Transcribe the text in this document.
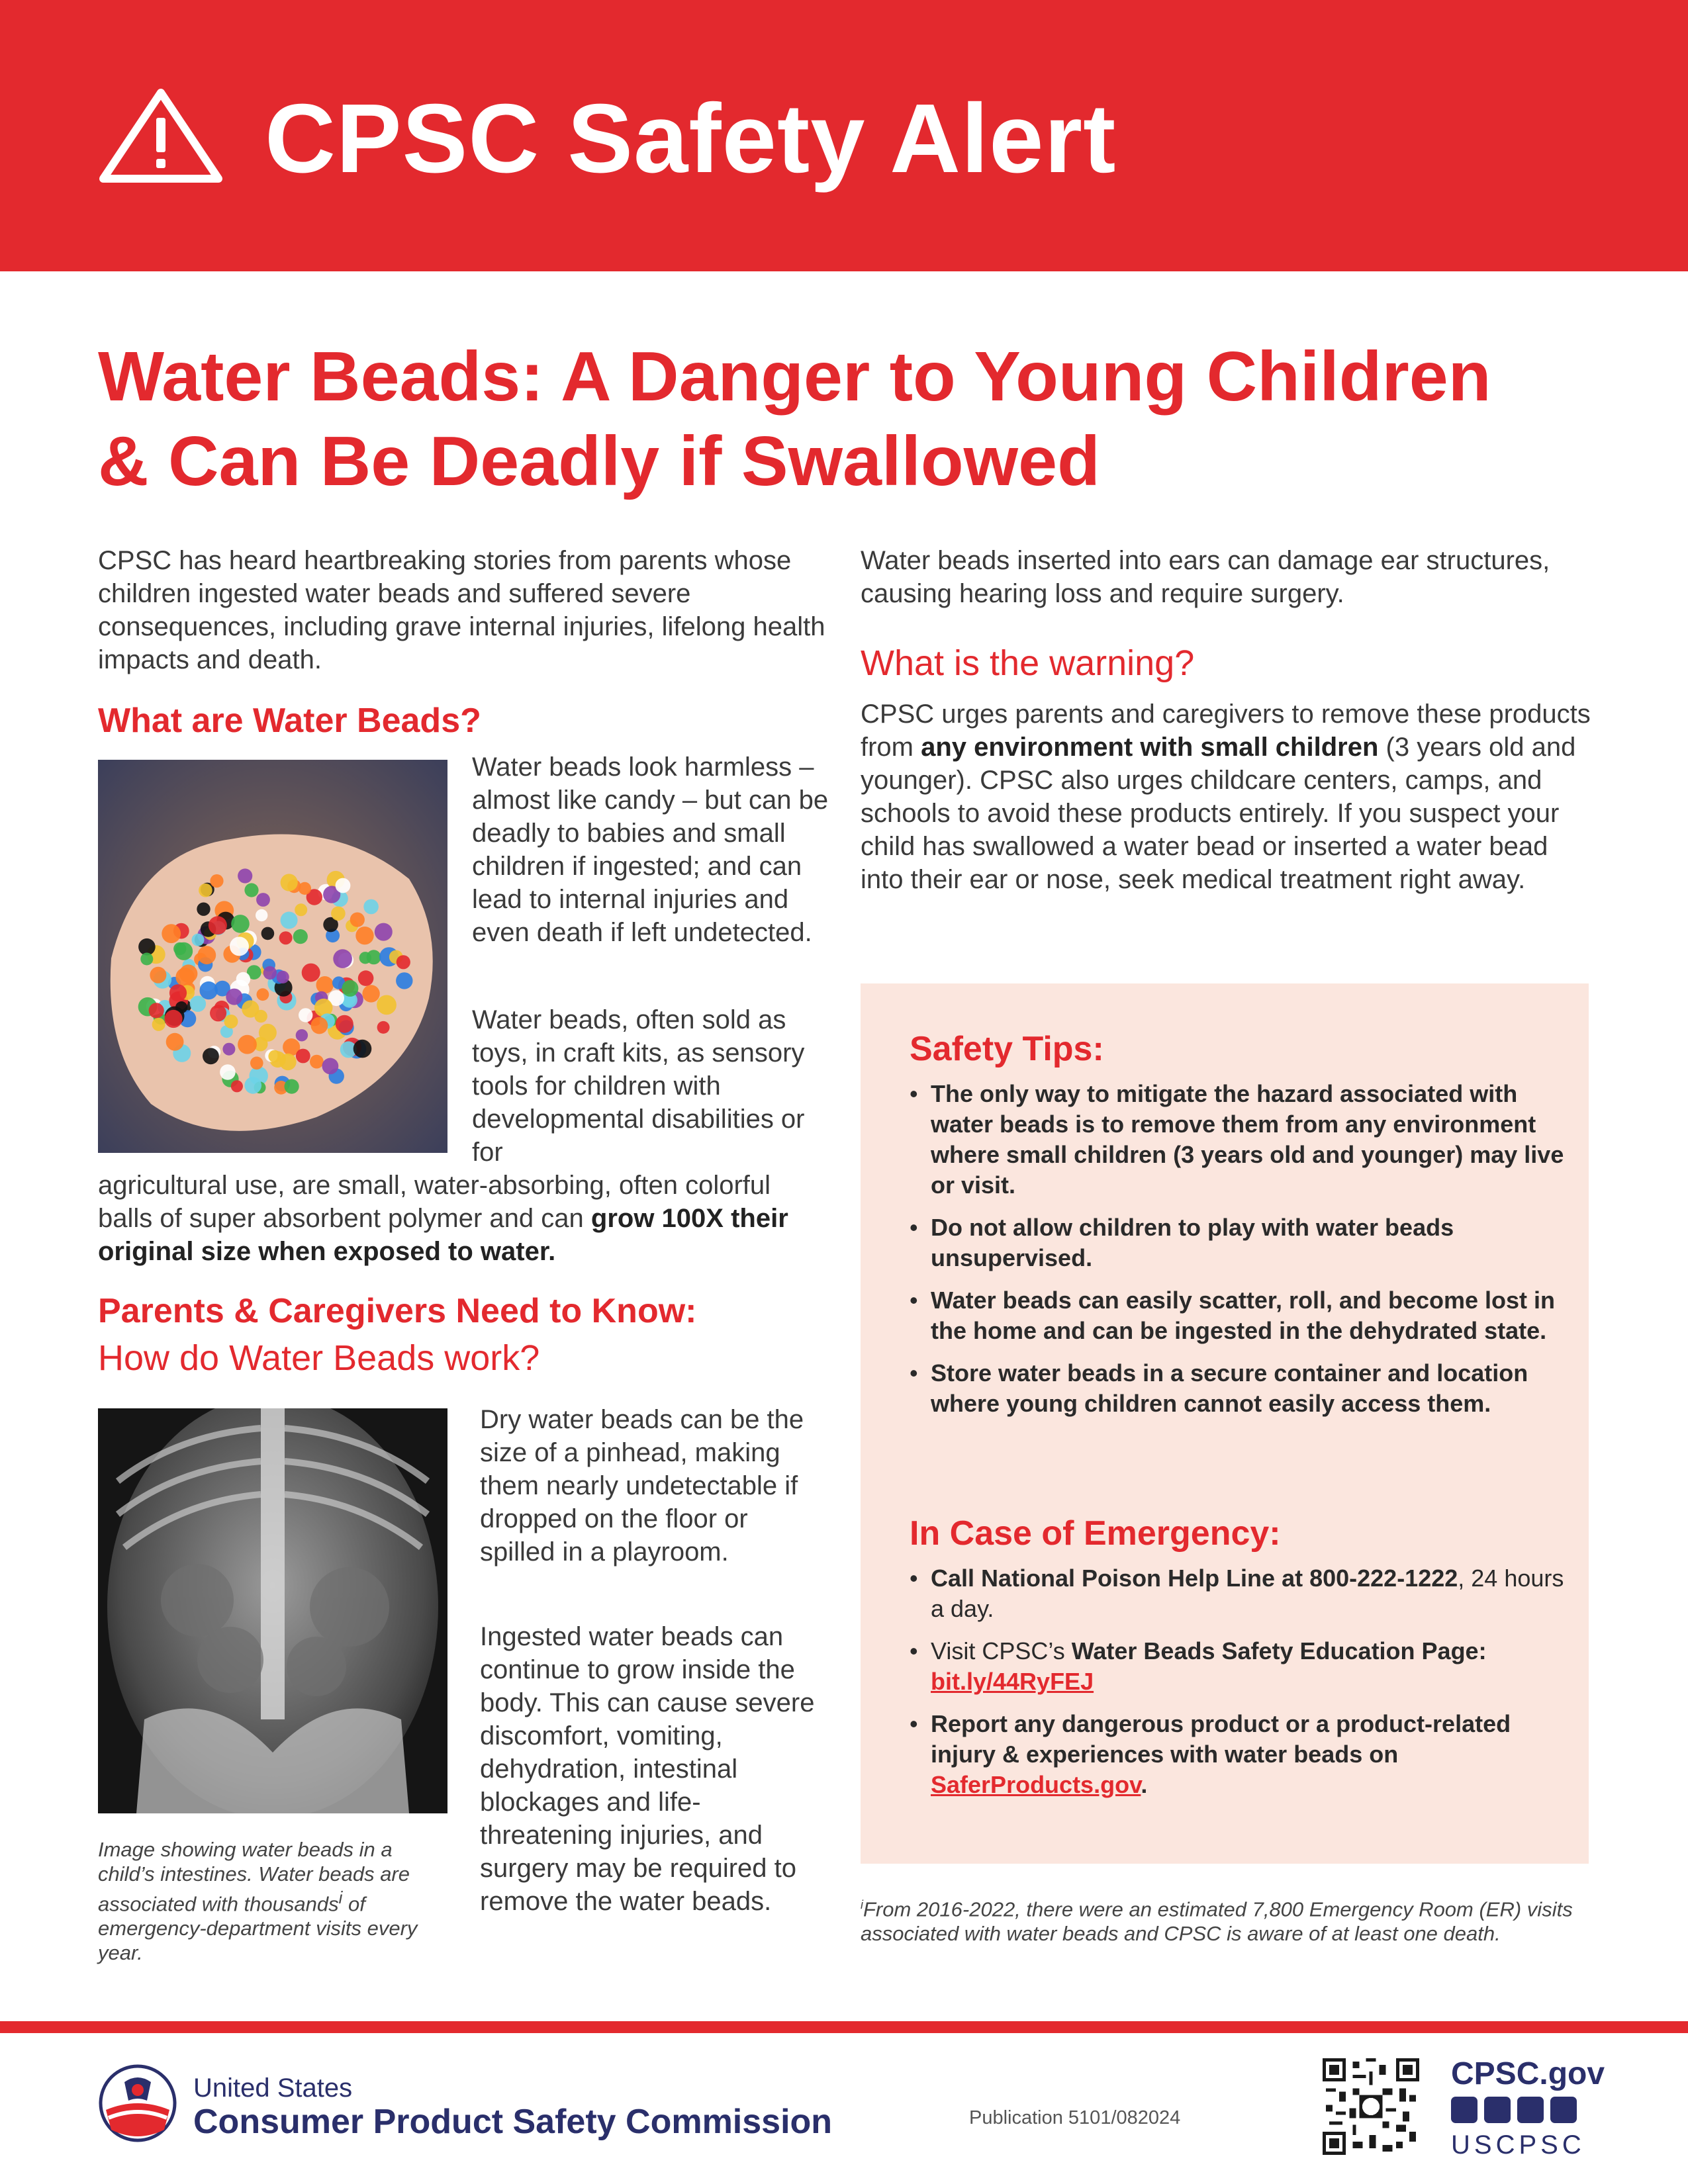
CPSC Safety Alert
Water Beads: A Danger to Young Children
& Can Be Deadly if Swallowed
CPSC has heard heartbreaking stories from parents whose children ingested water beads and suffered severe consequences, including grave internal injuries, lifelong health impacts and death.
What are Water Beads?
Water beads look harmless – almost like candy – but can be deadly to babies and small children if ingested; and can lead to internal injuries and even death if left undetected.
Water beads, often sold as toys, in craft kits, as sensory tools for children with developmental disabilities or for
agricultural use, are small, water-absorbing, often colorful balls of super absorbent polymer and can grow 100X their original size when exposed to water.
Parents & Caregivers Need to Know:
How do Water Beads work?
Image showing water beads in a child’s intestines. Water beads are associated with thousands$^i$ of emergency-department visits every year.
Dry water beads can be the size of a pinhead, making them nearly undetectable if dropped on the floor or spilled in a playroom.
Ingested water beads can continue to grow inside the body. This can cause severe discomfort, vomiting, dehydration, intestinal blockages and life-threatening injuries, and surgery may be required to remove the water beads.
Water beads inserted into ears can damage ear structures, causing hearing loss and require surgery.
What is the warning?
CPSC urges parents and caregivers to remove these products from any environment with small children (3 years old and younger). CPSC also urges childcare centers, camps, and schools to avoid these products entirely. If you suspect your child has swallowed a water bead or inserted a water bead into their ear or nose, seek medical treatment right away.
Safety Tips:
• The only way to mitigate the hazard associated with water beads is to remove them from any environment where small children (3 years old and younger) may live or visit.
• Do not allow children to play with water beads unsupervised.
• Water beads can easily scatter, roll, and become lost in the home and can be ingested in the dehydrated state.
• Store water beads in a secure container and location where young children cannot easily access them.
In Case of Emergency:
• Call National Poison Help Line at 800-222-1222, 24 hours a day.
• Visit CPSC’s Water Beads Safety Education Page:
bit.ly/44RyFEJ
• Report any dangerous product or a product-related injury & experiences with water beads on SaferProducts.gov.
$^i$From 2016-2022, there were an estimated 7,800 Emergency Room (ER) visits associated with water beads and CPSC is aware of at least one death.
United States
Consumer Product Safety Commission	Publication 5101/082024
CPSC.gov
USCPSC
